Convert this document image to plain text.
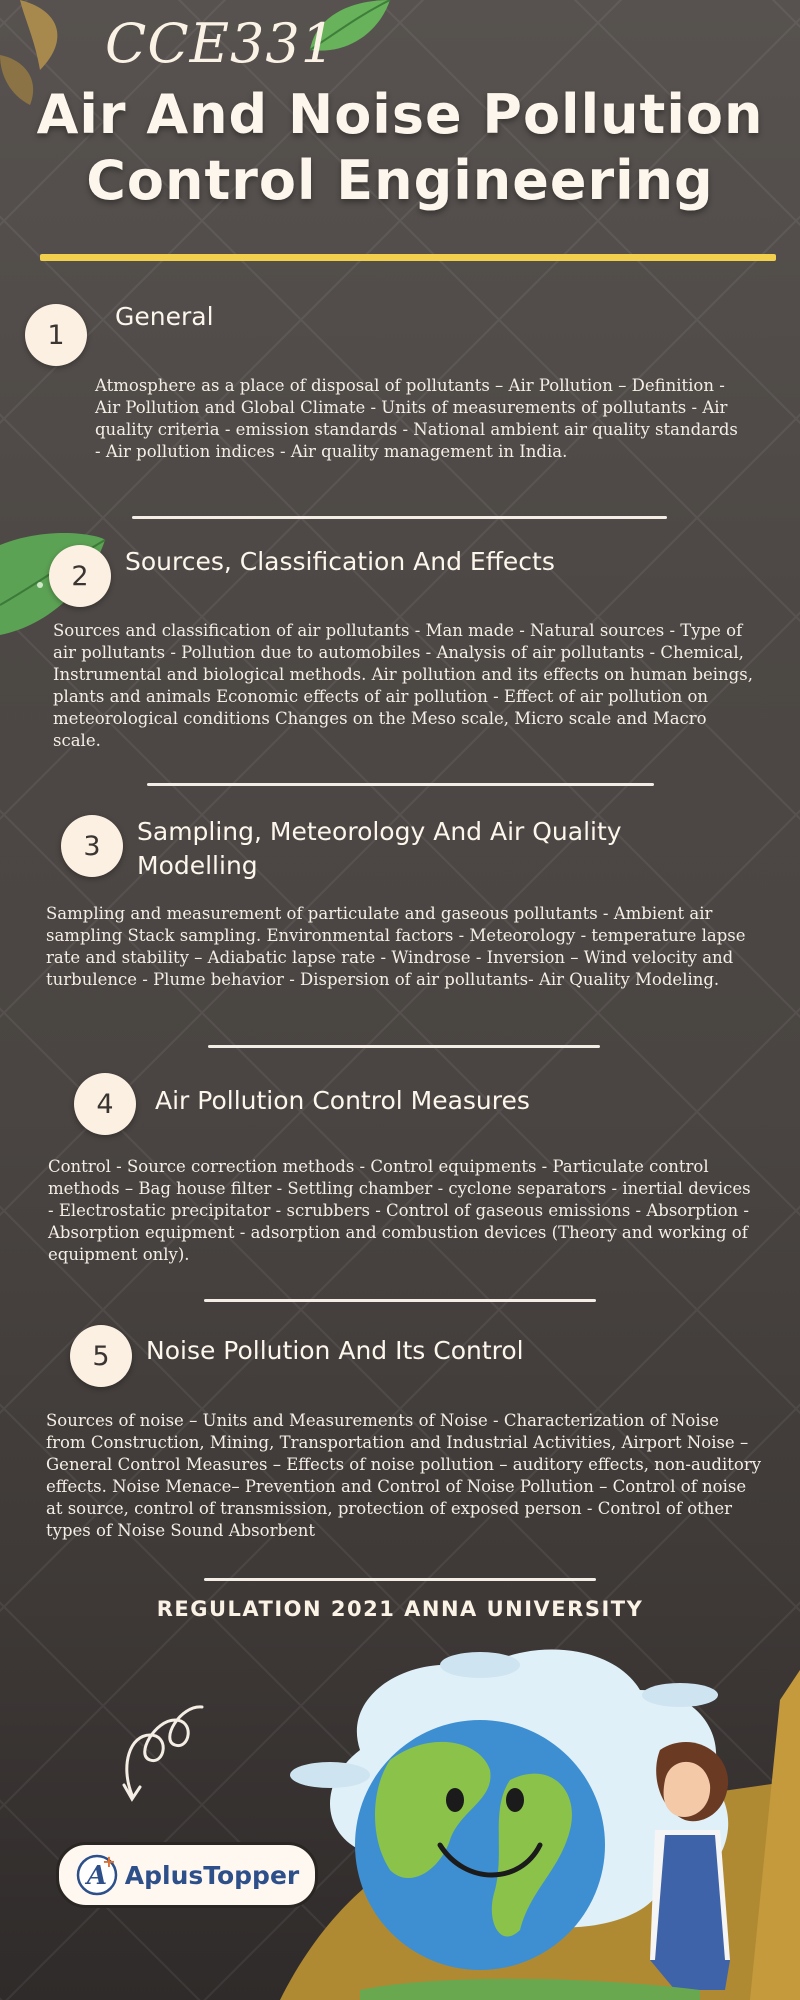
CCE331
Air And Noise Pollution
Control Engineering
1
General
Atmosphere as a place of disposal of pollutants – Air Pollution – Definition - Air Pollution and Global Climate - Units of measurements of pollutants - Air quality criteria - emission standards - National ambient air quality standards - Air pollution indices - Air quality management in India.
2	Sources, Classification And Effects
Sources and classification of air pollutants - Man made - Natural sources - Type of air pollutants - Pollution due to automobiles - Analysis of air pollutants - Chemical, Instrumental and biological methods. Air pollution and its effects on human beings, plants and animals Economic effects of air pollution - Effect of air pollution on meteorological conditions Changes on the Meso scale, Micro scale and Macro scale.
3	Sampling, Meteorology And Air Quality Modelling
Sampling and measurement of particulate and gaseous pollutants - Ambient air sampling Stack sampling. Environmental factors - Meteorology - temperature lapse rate and stability – Adiabatic lapse rate - Windrose - Inversion – Wind velocity and turbulence - Plume behavior - Dispersion of air pollutants- Air Quality Modeling.
4	Air Pollution Control Measures
Control - Source correction methods - Control equipments - Particulate control methods – Bag house filter - Settling chamber - cyclone separators - inertial devices - Electrostatic precipitator - scrubbers - Control of gaseous emissions - Absorption - Absorption equipment - adsorption and combustion devices (Theory and working of equipment only).
5	Noise Pollution And Its Control
Sources of noise – Units and Measurements of Noise - Characterization of Noise from Construction, Mining, Transportation and Industrial Activities, Airport Noise – General Control Measures – Effects of noise pollution – auditory effects, non-auditory effects. Noise Menace– Prevention and Control of Noise Pollution – Control of noise at source, control of transmission, protection of exposed person - Control of other types of Noise Sound Absorbent
REGULATION 2021 ANNA UNIVERSITY
A
+ AplusTopper
